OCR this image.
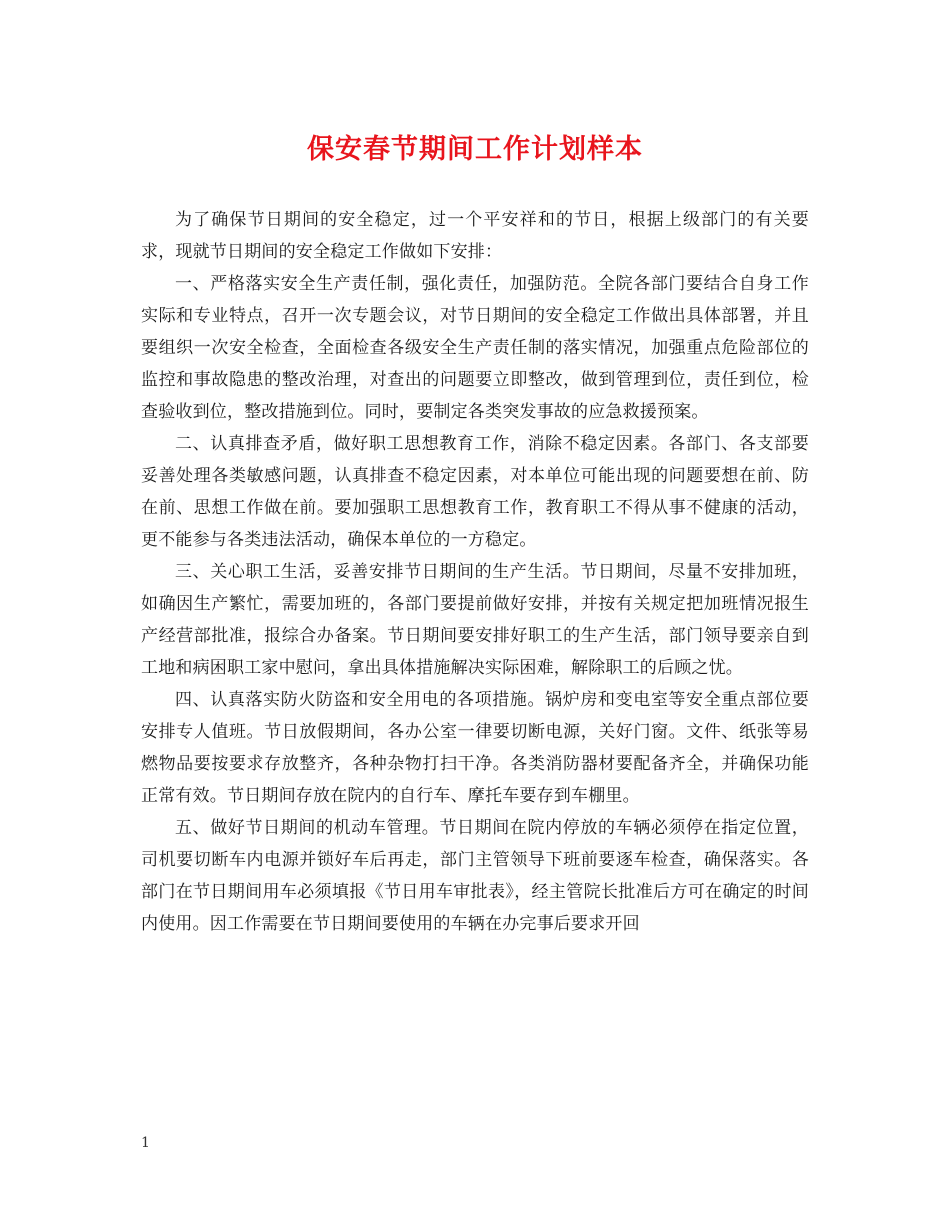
保安春节期间工作计划样本

为了确保节日期间的安全稳定，过一个平安祥和的节日，根据上级部门的有关要求，现就节日期间的安全稳定工作做如下安排：

一、严格落实安全生产责任制，强化责任，加强防范。全院各部门要结合自身工作实际和专业特点，召开一次专题会议，对节日期间的安全稳定工作做出具体部署，并且要组织一次安全检查，全面检查各级安全生产责任制的落实情况，加强重点危险部位的监控和事故隐患的整改治理，对查出的问题要立即整改，做到管理到位，责任到位，检查验收到位，整改措施到位。同时，要制定各类突发事故的应急救援预案。

二、认真排查矛盾，做好职工思想教育工作，消除不稳定因素。各部门、各支部要妥善处理各类敏感问题，认真排查不稳定因素，对本单位可能出现的问题要想在前、防在前、思想工作做在前。要加强职工思想教育工作，教育职工不得从事不健康的活动，更不能参与各类违法活动，确保本单位的一方稳定。

三、关心职工生活，妥善安排节日期间的生产生活。节日期间，尽量不安排加班，如确因生产繁忙，需要加班的，各部门要提前做好安排，并按有关规定把加班情况报生产经营部批准，报综合办备案。节日期间要安排好职工的生产生活，部门领导要亲自到工地和病困职工家中慰问，拿出具体措施解决实际困难，解除职工的后顾之忧。

四、认真落实防火防盗和安全用电的各项措施。锅炉房和变电室等安全重点部位要安排专人值班。节日放假期间，各办公室一律要切断电源，关好门窗。文件、纸张等易燃物品要按要求存放整齐，各种杂物打扫干净。各类消防器材要配备齐全，并确保功能正常有效。节日期间存放在院内的自行车、摩托车要存到车棚里。

五、做好节日期间的机动车管理。节日期间在院内停放的车辆必须停在指定位置，司机要切断车内电源并锁好车后再走，部门主管领导下班前要逐车检查，确保落实。各部门在节日期间用车必须填报《节日用车审批表》，经主管院长批准后方可在确定的时间内使用。因工作需要在节日期间要使用的车辆在办完事后要求开回

1
